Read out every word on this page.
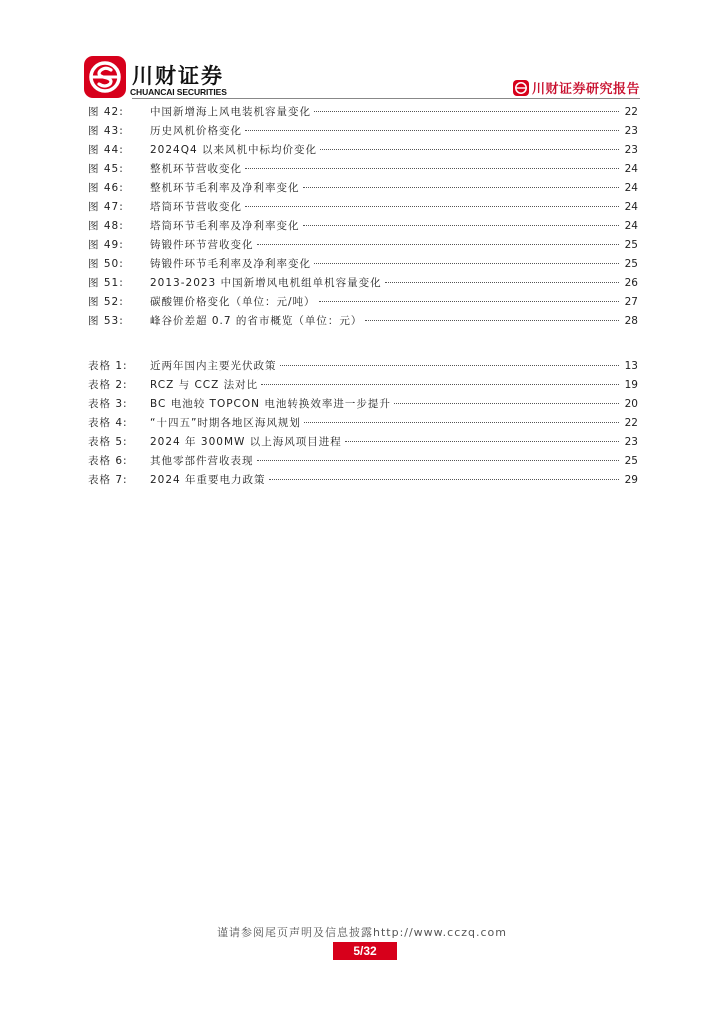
川财证券
CHUANCAI SECURITIES	川财证券研究报告
图 42:	中国新增海上风电装机容量变化	22
图 43:	历史风机价格变化	23
图 44:	2024Q4 以来风机中标均价变化	23
图 45:	整机环节营收变化	24
图 46:	整机环节毛利率及净利率变化	24
图 47:	塔筒环节营收变化	24
图 48:	塔筒环节毛利率及净利率变化	24
图 49:	铸锻件环节营收变化	25
图 50:	铸锻件环节毛利率及净利率变化	25
图 51:	2013-2023 中国新增风电机组单机容量变化	26
图 52:	碳酸锂价格变化（单位：元/吨）	27
图 53:	峰谷价差超 0.7 的省市概览（单位：元）	28
表格 1:	近两年国内主要光伏政策	13
表格 2:	RCZ 与 CCZ 法对比	19
表格 3:	BC 电池较 TOPCON 电池转换效率进一步提升	20
表格 4:	“十四五”时期各地区海风规划	22
表格 5:	2024 年 300MW 以上海风项目进程	23
表格 6:	其他零部件营收表现	25
表格 7:	2024 年重要电力政策	29
谨请参阅尾页声明及信息披露http://www.cczq.com
5/32
